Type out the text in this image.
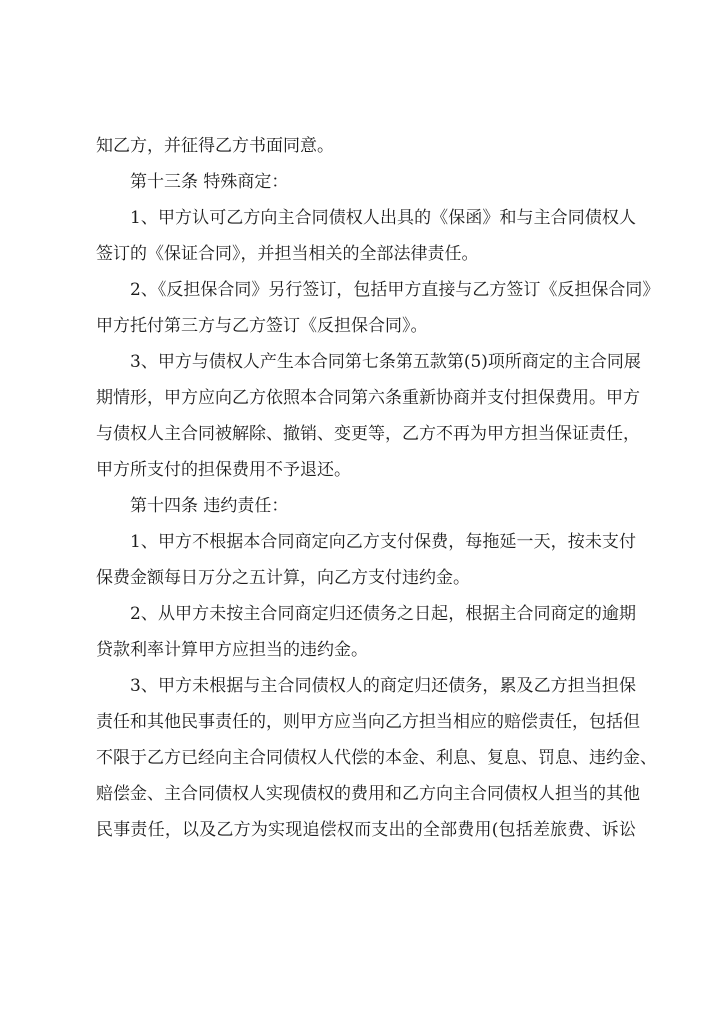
知乙方，并征得乙方书面同意。
第十三条 特殊商定：
1、甲方认可乙方向主合同债权人出具的《保函》和与主合同债权人
签订的《保证合同》，并担当相关的全部法律责任。
2、《反担保合同》另行签订，包括甲方直接与乙方签订《反担保合同》
甲方托付第三方与乙方签订《反担保合同》。
3、甲方与债权人产生本合同第七条第五款第(5)项所商定的主合同展
期情形，甲方应向乙方依照本合同第六条重新协商并支付担保费用。甲方
与债权人主合同被解除、撤销、变更等，乙方不再为甲方担当保证责任，
甲方所支付的担保费用不予退还。
第十四条 违约责任：
1、甲方不根据本合同商定向乙方支付保费，每拖延一天，按未支付
保费金额每日万分之五计算，向乙方支付违约金。
2、从甲方未按主合同商定归还债务之日起，根据主合同商定的逾期
贷款利率计算甲方应担当的违约金。
3、甲方未根据与主合同债权人的商定归还债务，累及乙方担当担保
责任和其他民事责任的，则甲方应当向乙方担当相应的赔偿责任，包括但
不限于乙方已经向主合同债权人代偿的本金、利息、复息、罚息、违约金、
赔偿金、主合同债权人实现债权的费用和乙方向主合同债权人担当的其他
民事责任，以及乙方为实现追偿权而支出的全部费用(包括差旅费、诉讼
